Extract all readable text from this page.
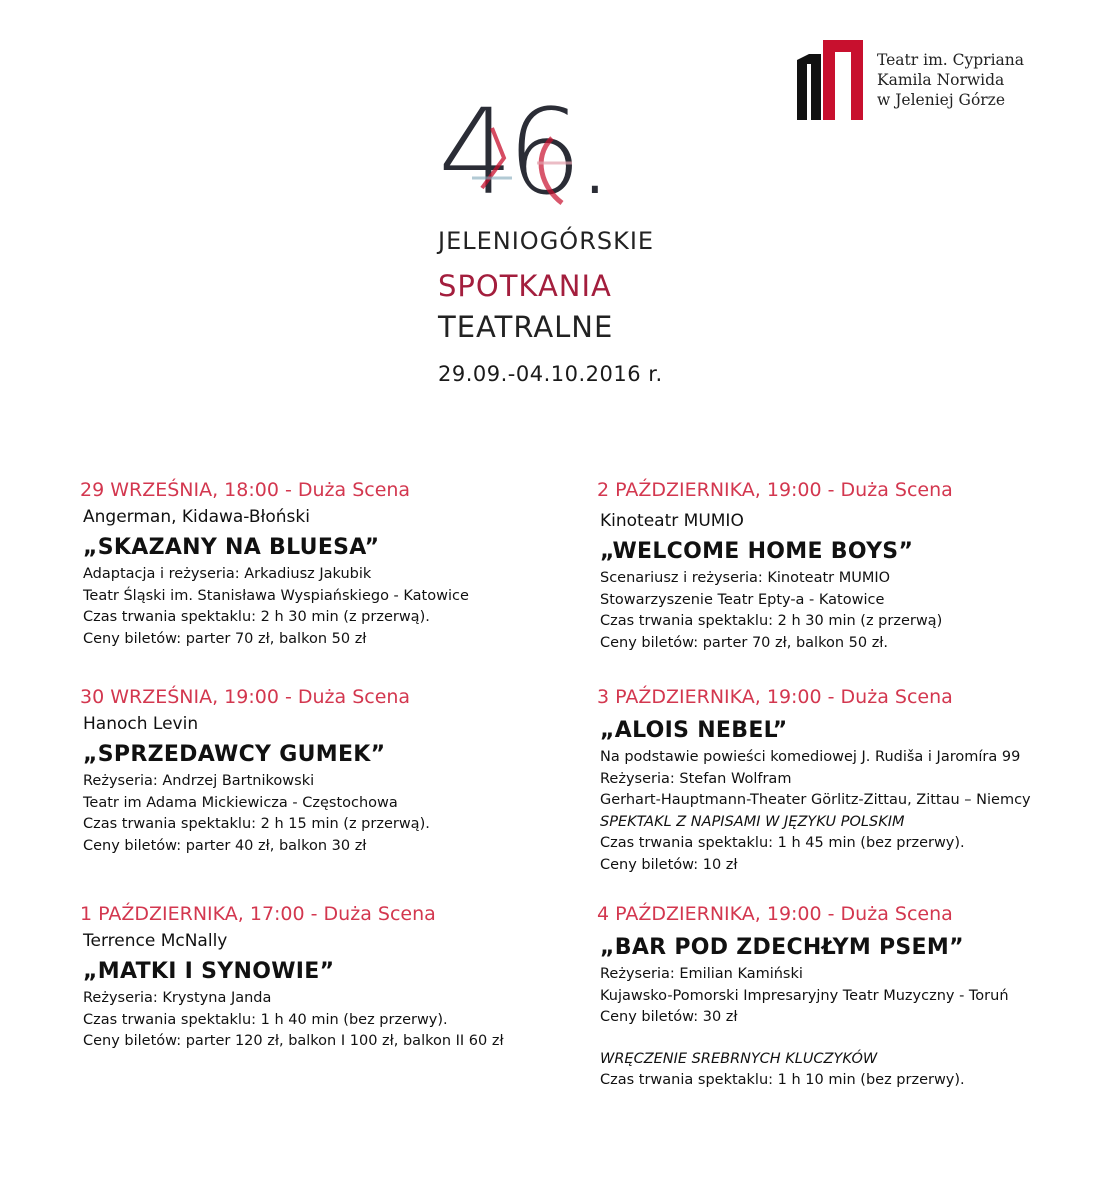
Teatr im. Cypriana
Kamila Norwida
w Jeleniej Górze
46.
JELENIOGÓRSKIE
SPOTKANIA
TEATRALNE
29.09.-04.10.2016 r.
29 WRZEŚNIA, 18:00 - Duża Scena
Angerman, Kidawa-Błoński
„SKAZANY NA BLUESA”
Adaptacja i reżyseria: Arkadiusz Jakubik
Teatr Śląski im. Stanisława Wyspiańskiego - Katowice
Czas trwania spektaklu: 2 h 30 min (z przerwą).
Ceny biletów: parter 70 zł, balkon 50 zł
30 WRZEŚNIA, 19:00 - Duża Scena
Hanoch Levin
„SPRZEDAWCY GUMEK”
Reżyseria: Andrzej Bartnikowski
Teatr im Adama Mickiewicza - Częstochowa
Czas trwania spektaklu: 2 h 15 min (z przerwą).
Ceny biletów: parter 40 zł, balkon 30 zł
1 PAŹDZIERNIKA, 17:00 - Duża Scena
Terrence McNally
„MATKI I SYNOWIE”
Reżyseria: Krystyna Janda
Czas trwania spektaklu: 1 h 40 min (bez przerwy).
Ceny biletów: parter 120 zł, balkon I 100 zł, balkon II 60 zł
2 PAŹDZIERNIKA, 19:00 - Duża Scena
Kinoteatr MUMIO
„WELCOME HOME BOYS”
Scenariusz i reżyseria: Kinoteatr MUMIO
Stowarzyszenie Teatr Epty-a - Katowice
Czas trwania spektaklu: 2 h 30 min (z przerwą)
Ceny biletów: parter 70 zł, balkon 50 zł.
3 PAŹDZIERNIKA, 19:00 - Duża Scena
„ALOIS NEBEL”
Na podstawie powieści komediowej J. Rudiša i Jaromíra 99
Reżyseria: Stefan Wolfram
Gerhart-Hauptmann-Theater Görlitz-Zittau, Zittau – Niemcy
SPEKTAKL Z NAPISAMI W JĘZYKU POLSKIM
Czas trwania spektaklu: 1 h 45 min (bez przerwy).
Ceny biletów: 10 zł
4 PAŹDZIERNIKA, 19:00 - Duża Scena
„BAR POD ZDECHŁYM PSEM”
Reżyseria: Emilian Kamiński
Kujawsko-Pomorski Impresaryjny Teatr Muzyczny - Toruń
Ceny biletów: 30 zł
WRĘCZENIE SREBRNYCH KLUCZYKÓW
Czas trwania spektaklu: 1 h 10 min (bez przerwy).
